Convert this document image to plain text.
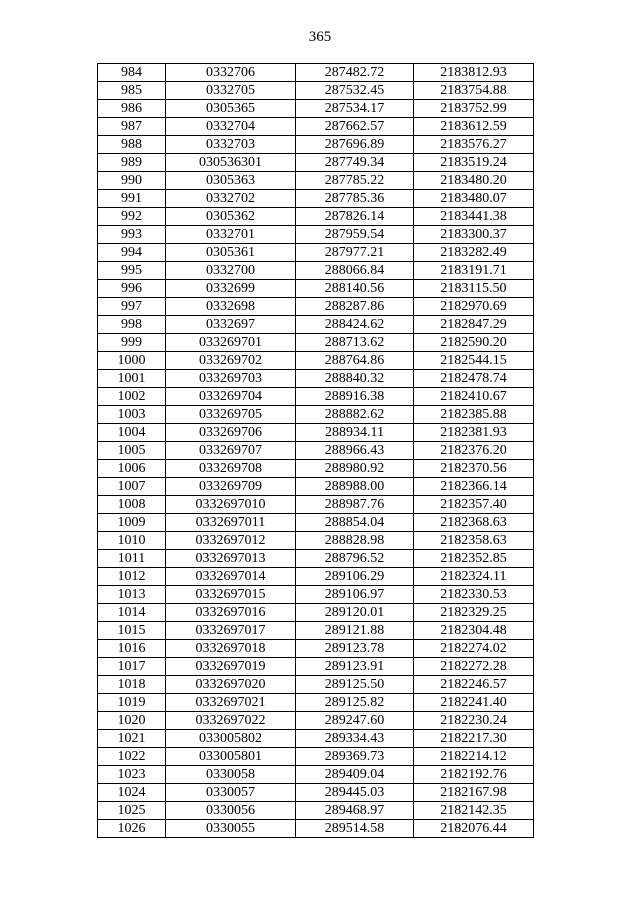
365
984	0332706	287482.72	2183812.93
985	0332705	287532.45	2183754.88
986	0305365	287534.17	2183752.99
987	0332704	287662.57	2183612.59
988	0332703	287696.89	2183576.27
989	030536301	287749.34	2183519.24
990	0305363	287785.22	2183480.20
991	0332702	287785.36	2183480.07
992	0305362	287826.14	2183441.38
993	0332701	287959.54	2183300.37
994	0305361	287977.21	2183282.49
995	0332700	288066.84	2183191.71
996	0332699	288140.56	2183115.50
997	0332698	288287.86	2182970.69
998	0332697	288424.62	2182847.29
999	033269701	288713.62	2182590.20
1000	033269702	288764.86	2182544.15
1001	033269703	288840.32	2182478.74
1002	033269704	288916.38	2182410.67
1003	033269705	288882.62	2182385.88
1004	033269706	288934.11	2182381.93
1005	033269707	288966.43	2182376.20
1006	033269708	288980.92	2182370.56
1007	033269709	288988.00	2182366.14
1008	0332697010	288987.76	2182357.40
1009	0332697011	288854.04	2182368.63
1010	0332697012	288828.98	2182358.63
1011	0332697013	288796.52	2182352.85
1012	0332697014	289106.29	2182324.11
1013	0332697015	289106.97	2182330.53
1014	0332697016	289120.01	2182329.25
1015	0332697017	289121.88	2182304.48
1016	0332697018	289123.78	2182274.02
1017	0332697019	289123.91	2182272.28
1018	0332697020	289125.50	2182246.57
1019	0332697021	289125.82	2182241.40
1020	0332697022	289247.60	2182230.24
1021	033005802	289334.43	2182217.30
1022	033005801	289369.73	2182214.12
1023	0330058	289409.04	2182192.76
1024	0330057	289445.03	2182167.98
1025	0330056	289468.97	2182142.35
1026	0330055	289514.58	2182076.44
